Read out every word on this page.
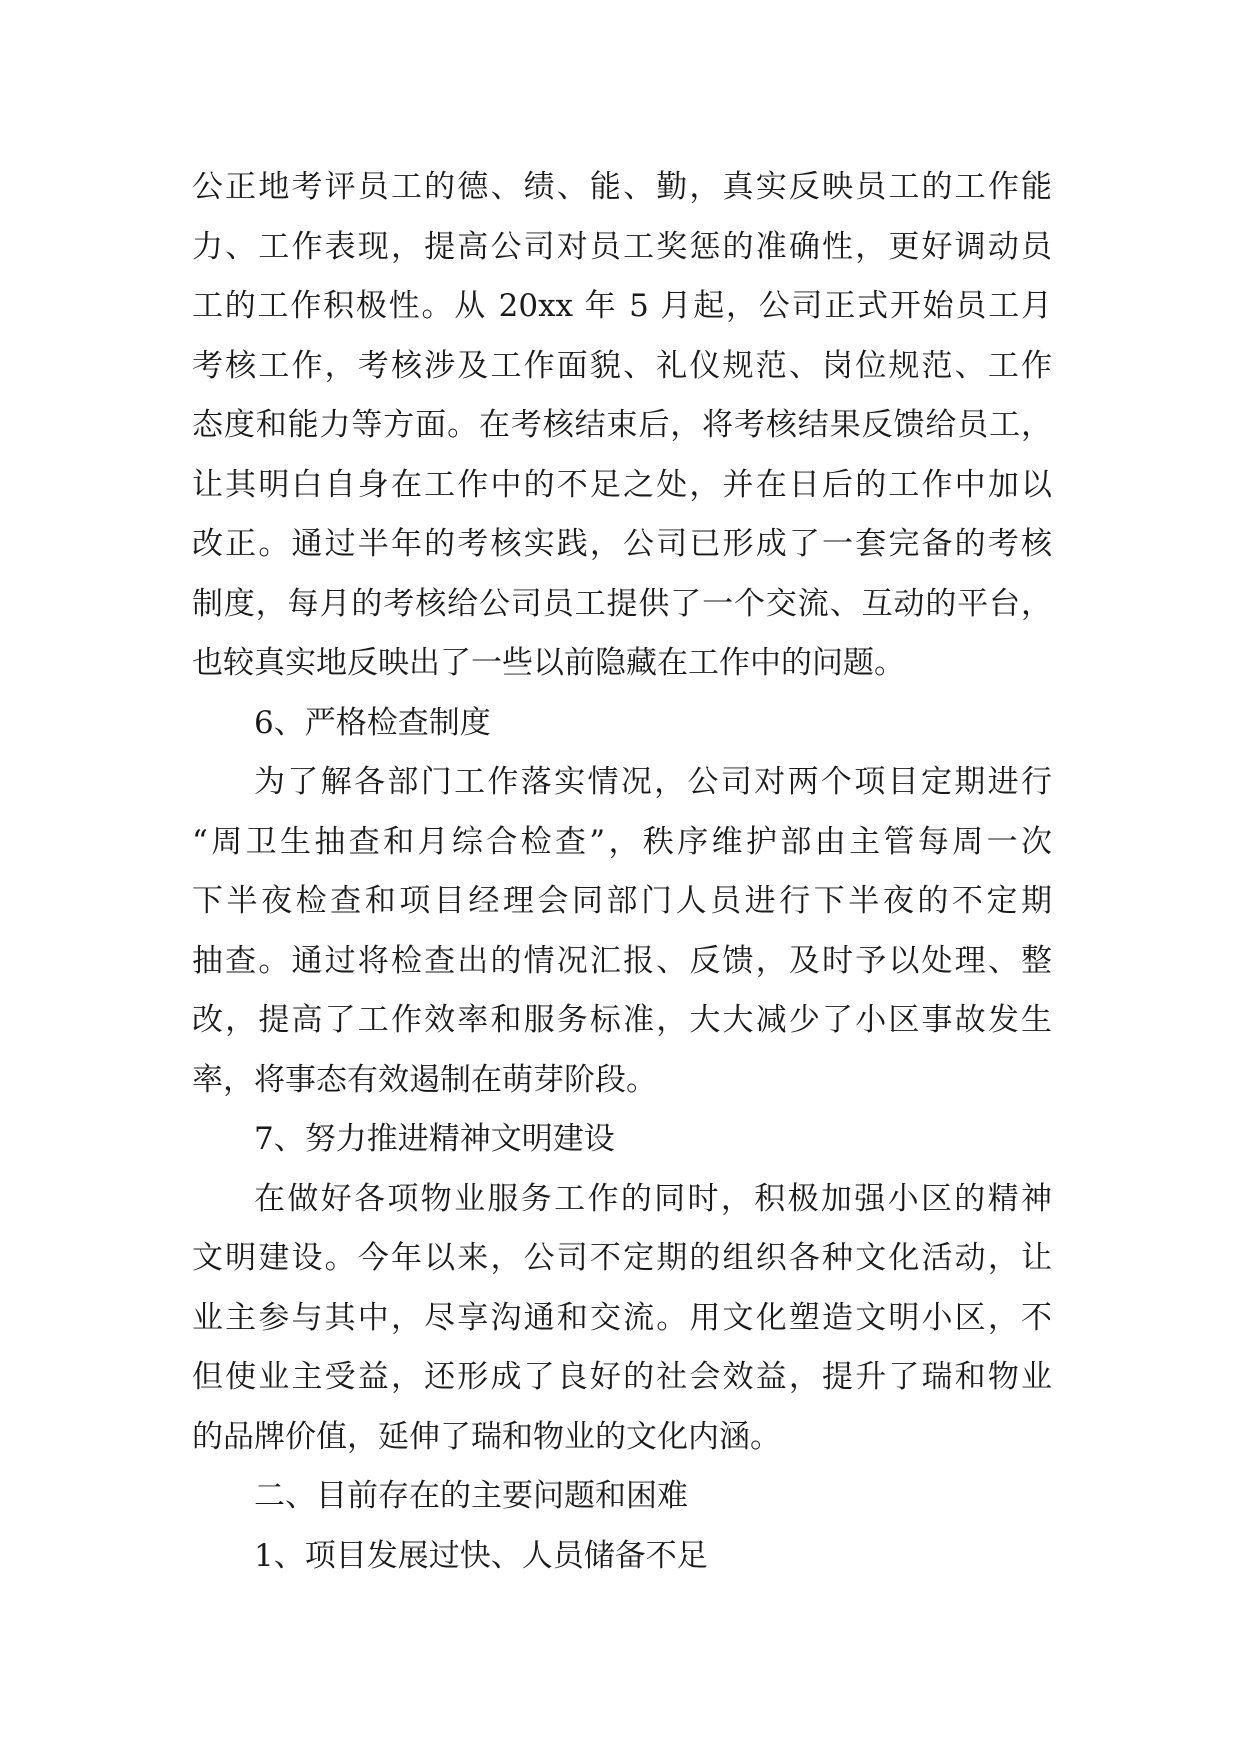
公正地考评员工的德、绩、能、勤，真实反映员工的工作能
力、工作表现，提高公司对员工奖惩的准确性，更好调动员
工的工作积极性。从 20xx 年 5 月起，公司正式开始员工月
考核工作，考核涉及工作面貌、礼仪规范、岗位规范、工作
态度和能力等方面。在考核结束后，将考核结果反馈给员工，
让其明白自身在工作中的不足之处，并在日后的工作中加以
改正。通过半年的考核实践，公司已形成了一套完备的考核
制度，每月的考核给公司员工提供了一个交流、互动的平台，
也较真实地反映出了一些以前隐藏在工作中的问题。
6、严格检查制度
为了解各部门工作落实情况，公司对两个项目定期进行
“周卫生抽查和月综合检查”，秩序维护部由主管每周一次
下半夜检查和项目经理会同部门人员进行下半夜的不定期
抽查。通过将检查出的情况汇报、反馈，及时予以处理、整
改，提高了工作效率和服务标准，大大减少了小区事故发生
率，将事态有效遏制在萌芽阶段。
7、努力推进精神文明建设
在做好各项物业服务工作的同时，积极加强小区的精神
文明建设。今年以来，公司不定期的组织各种文化活动，让
业主参与其中，尽享沟通和交流。用文化塑造文明小区，不
但使业主受益，还形成了良好的社会效益，提升了瑞和物业
的品牌价值，延伸了瑞和物业的文化内涵。
二、目前存在的主要问题和困难
1、项目发展过快、人员储备不足
